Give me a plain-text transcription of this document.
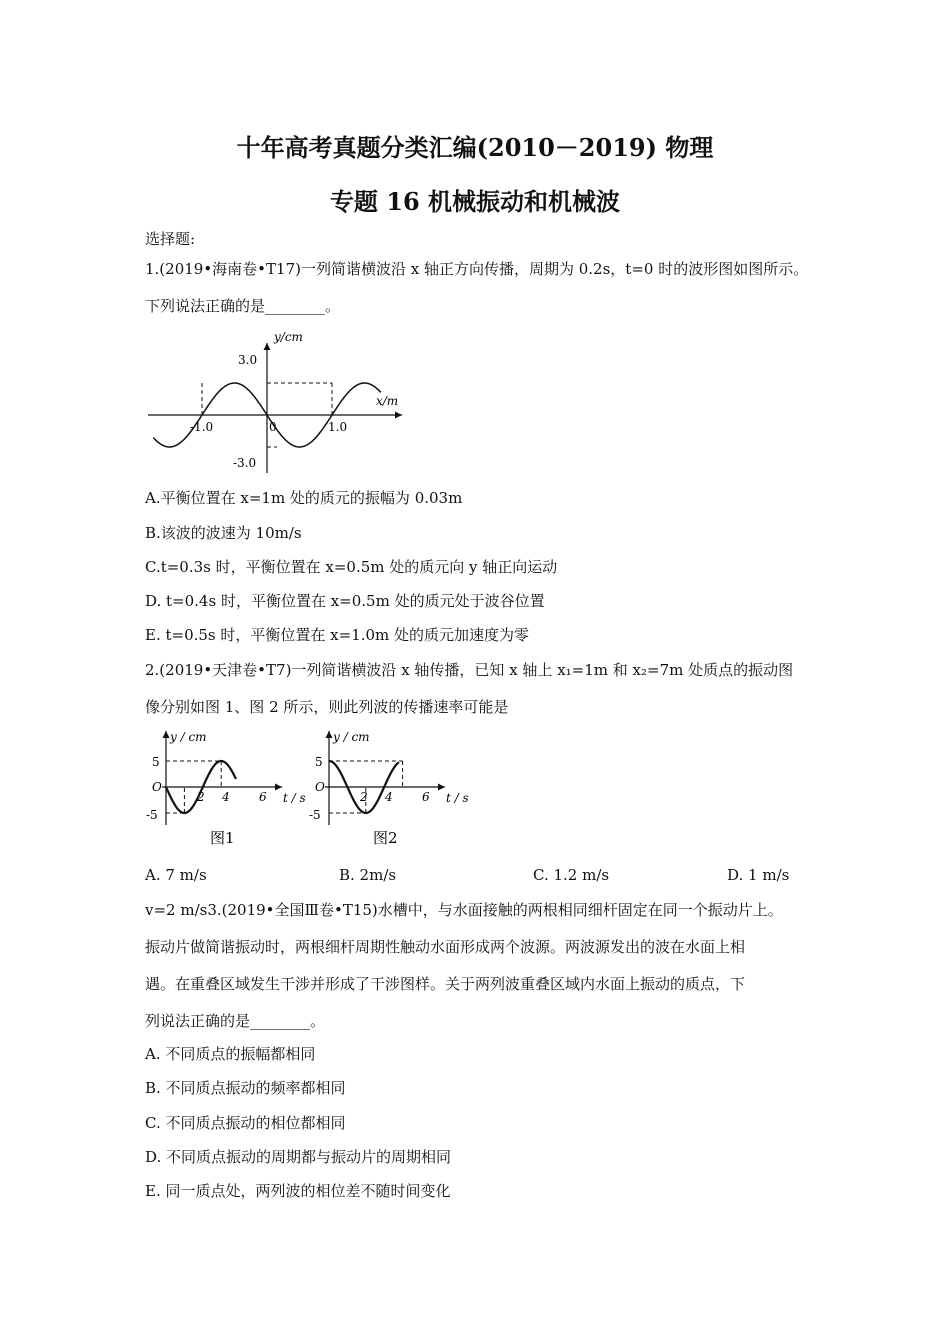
十年高考真题分类汇编(2010－2019) 物理
专题 16 机械振动和机械波
选择题:
1.(2019•海南卷•T17)一列简谐横波沿 x 轴正方向传播，周期为 0.2s，t=0 时的波形图如图所示。
下列说法正确的是________。
y/cm
x/m
3.0
-3.0
-1.0	0	1.0
A.平衡位置在 x=1m 处的质元的振幅为 0.03m
B.该波的波速为 10m/s
C.t=0.3s 时，平衡位置在 x=0.5m 处的质元向 y 轴正向运动
D. t=0.4s 时，平衡位置在 x=0.5m 处的质元处于波谷位置
E. t=0.5s 时，平衡位置在 x=1.0m 处的质元加速度为零
2.(2019•天津卷•T7)一列简谐横波沿 x 轴传播，已知 x 轴上 x₁=1m 和 x₂=7m 处质点的振动图
像分别如图 1、图 2 所示，则此列波的传播速率可能是
y / cm
t / s
5
-5
O
2 4 6
图1
y / cm
t / s
5
-5
O
2 4 6
图2
A. 7 m/s	B. 2m/s	C. 1.2 m/s	D. 1 m/s
v=2 m/s3.(2019•全国Ⅲ卷•T15)水槽中，与水面接触的两根相同细杆固定在同一个振动片上。
振动片做简谐振动时，两根细杆周期性触动水面形成两个波源。两波源发出的波在水面上相
遇。在重叠区域发生干涉并形成了干涉图样。关于两列波重叠区域内水面上振动的质点，下
列说法正确的是________。
A. 不同质点的振幅都相同
B. 不同质点振动的频率都相同
C. 不同质点振动的相位都相同
D. 不同质点振动的周期都与振动片的周期相同
E. 同一质点处，两列波的相位差不随时间变化
